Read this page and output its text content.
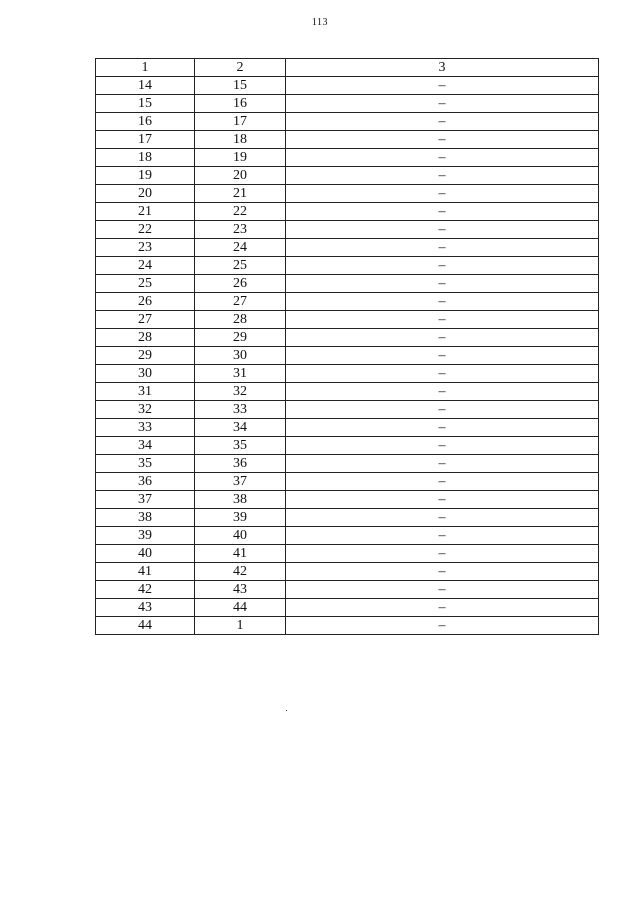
113
1	2	3
14	15	–
15	16	–
16	17	–
17	18	–
18	19	–
19	20	–
20	21	–
21	22	–
22	23	–
23	24	–
24	25	–
25	26	–
26	27	–
27	28	–
28	29	–
29	30	–
30	31	–
31	32	–
32	33	–
33	34	–
34	35	–
35	36	–
36	37	–
37	38	–
38	39	–
39	40	–
40	41	–
41	42	–
42	43	–
43	44	–
44	1	–
